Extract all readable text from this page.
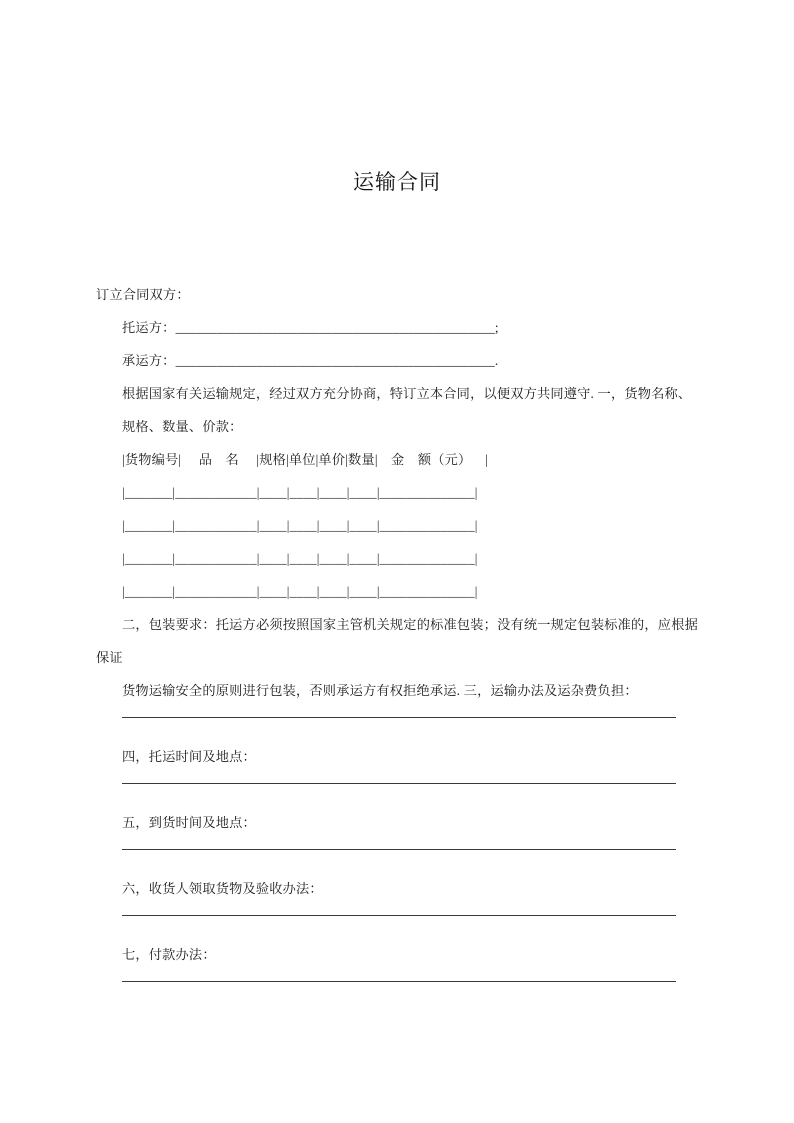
运输合同

订立合同双方：

托运方：_______________________________________________;

承运方：_______________________________________________.

根据国家有关运输规定，经过双方充分协商，特订立本合同，以便双方共同遵守. 一，货物名称、

规格、数量、价款：

|货物编号|     品　名     |规格|单位|单价|数量|　金　额（元）　  |
|_______|____________|____|____|____|____|______________|
|_______|____________|____|____|____|____|______________|
|_______|____________|____|____|____|____|______________|
|_______|____________|____|____|____|____|______________|

二，包装要求：托运方必须按照国家主管机关规定的标准包装；没有统一规定包装标准的，应根据保证

货物运输安全的原则进行包装，否则承运方有权拒绝承运. 三，运输办法及运杂费负担：

四，托运时间及地点：

五，到货时间及地点：

六，收货人领取货物及验收办法：

七，付款办法：
